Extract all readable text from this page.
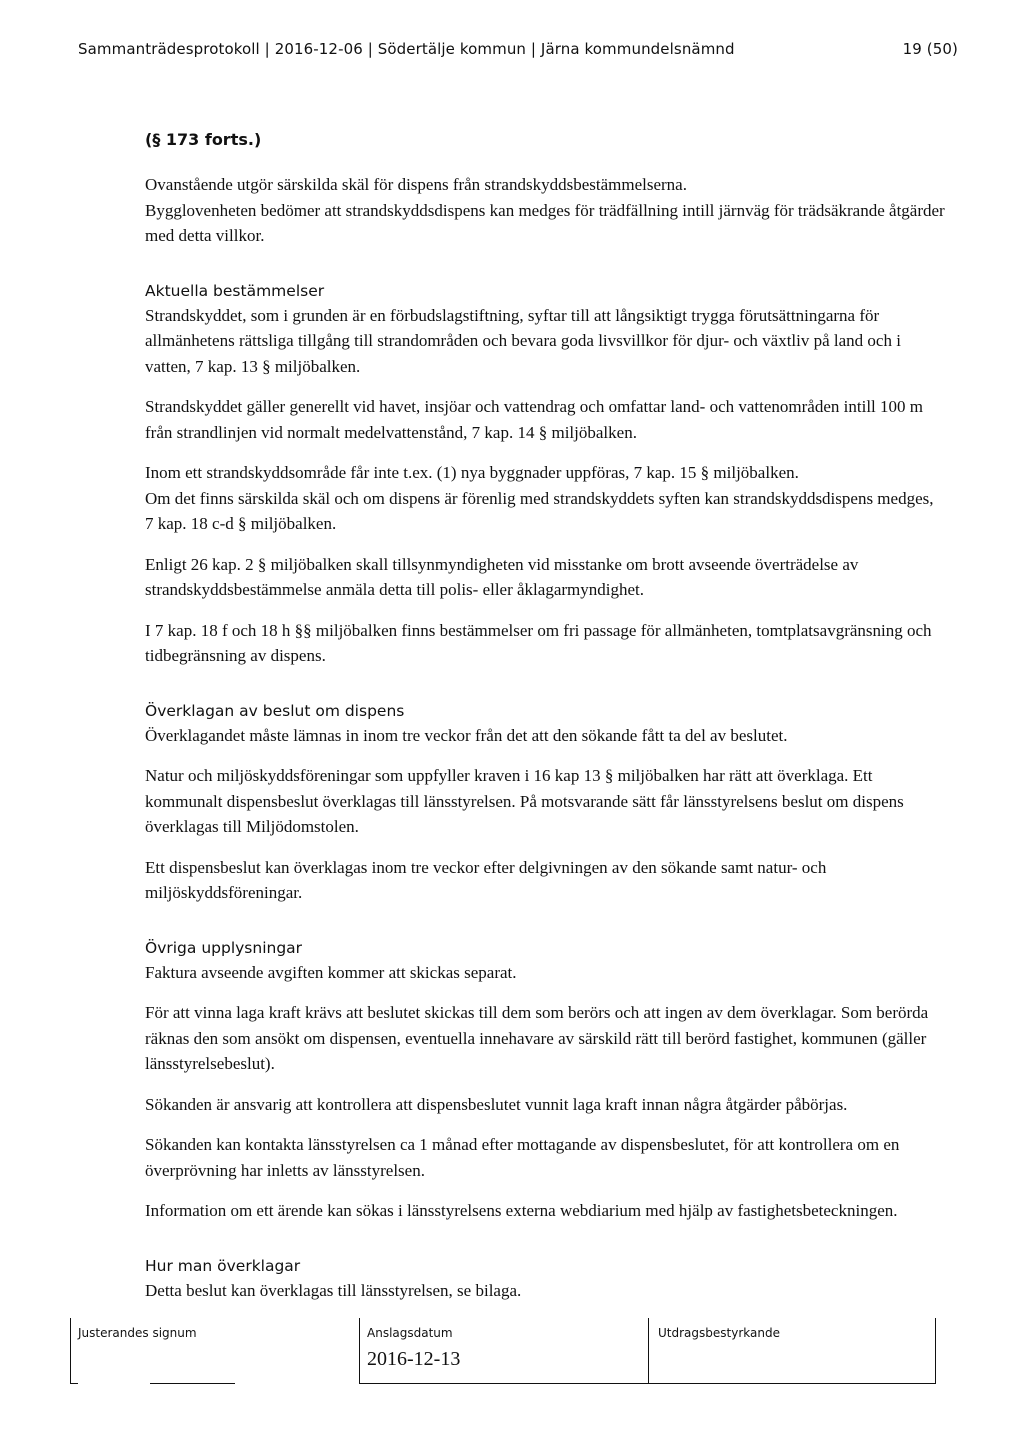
Sammanträdesprotokoll | 2016-12-06 | Södertälje kommun | Järna kommundelsnämnd	19 (50)
(§ 173 forts.)

Ovanstående utgör särskilda skäl för dispens från strandskyddsbestämmelserna.

Bygglovenheten bedömer att strandskyddsdispens kan medges för trädfällning intill järnväg för trädsäkrande åtgärder med detta villkor.

Aktuella bestämmelser

Strandskyddet, som i grunden är en förbudslagstiftning, syftar till att långsiktigt trygga förutsättningarna för allmänhetens rättsliga tillgång till strandområden och bevara goda livsvillkor för djur- och växtliv på land och i vatten, 7 kap. 13 § miljöbalken.

Strandskyddet gäller generellt vid havet, insjöar och vattendrag och omfattar land- och vattenområden intill 100 m från strandlinjen vid normalt medelvattenstånd, 7 kap. 14 § miljöbalken.

Inom ett strandskyddsområde får inte t.ex. (1) nya byggnader uppföras, 7 kap. 15 § miljöbalken.

Om det finns särskilda skäl och om dispens är förenlig med strandskyddets syften kan strandskyddsdispens medges, 7 kap. 18 c-d § miljöbalken.

Enligt 26 kap. 2 § miljöbalken skall tillsynmyndigheten vid misstanke om brott avseende överträdelse av strandskyddsbestämmelse anmäla detta till polis- eller åklagarmyndighet.

I 7 kap. 18 f och 18 h §§ miljöbalken finns bestämmelser om fri passage för allmänheten, tomtplatsavgränsning och tidbegränsning av dispens.

Överklagan av beslut om dispens

Överklagandet måste lämnas in inom tre veckor från det att den sökande fått ta del av beslutet.

Natur och miljöskyddsföreningar som uppfyller kraven i 16 kap 13 § miljöbalken har rätt att överklaga. Ett kommunalt dispensbeslut överklagas till länsstyrelsen. På motsvarande sätt får länsstyrelsens beslut om dispens överklagas till Miljödomstolen.

Ett dispensbeslut kan överklagas inom tre veckor efter delgivningen av den sökande samt natur- och miljöskyddsföreningar.

Övriga upplysningar

Faktura avseende avgiften kommer att skickas separat.

För att vinna laga kraft krävs att beslutet skickas till dem som berörs och att ingen av dem överklagar. Som berörda räknas den som ansökt om dispensen, eventuella innehavare av särskild rätt till berörd fastighet, kommunen (gäller länsstyrelsebeslut).

Sökanden är ansvarig att kontrollera att dispensbeslutet vunnit laga kraft innan några åtgärder påbörjas.

Sökanden kan kontakta länsstyrelsen ca 1 månad efter mottagande av dispensbeslutet, för att kontrollera om en överprövning har inletts av länsstyrelsen.

Information om ett ärende kan sökas i länsstyrelsens externa webdiarium med hjälp av fastighetsbeteckningen.

Hur man överklagar

Detta beslut kan överklagas till länsstyrelsen, se bilaga.

Justerandes signum	Anslagsdatum
2016-12-13
Utdragsbestyrkande
